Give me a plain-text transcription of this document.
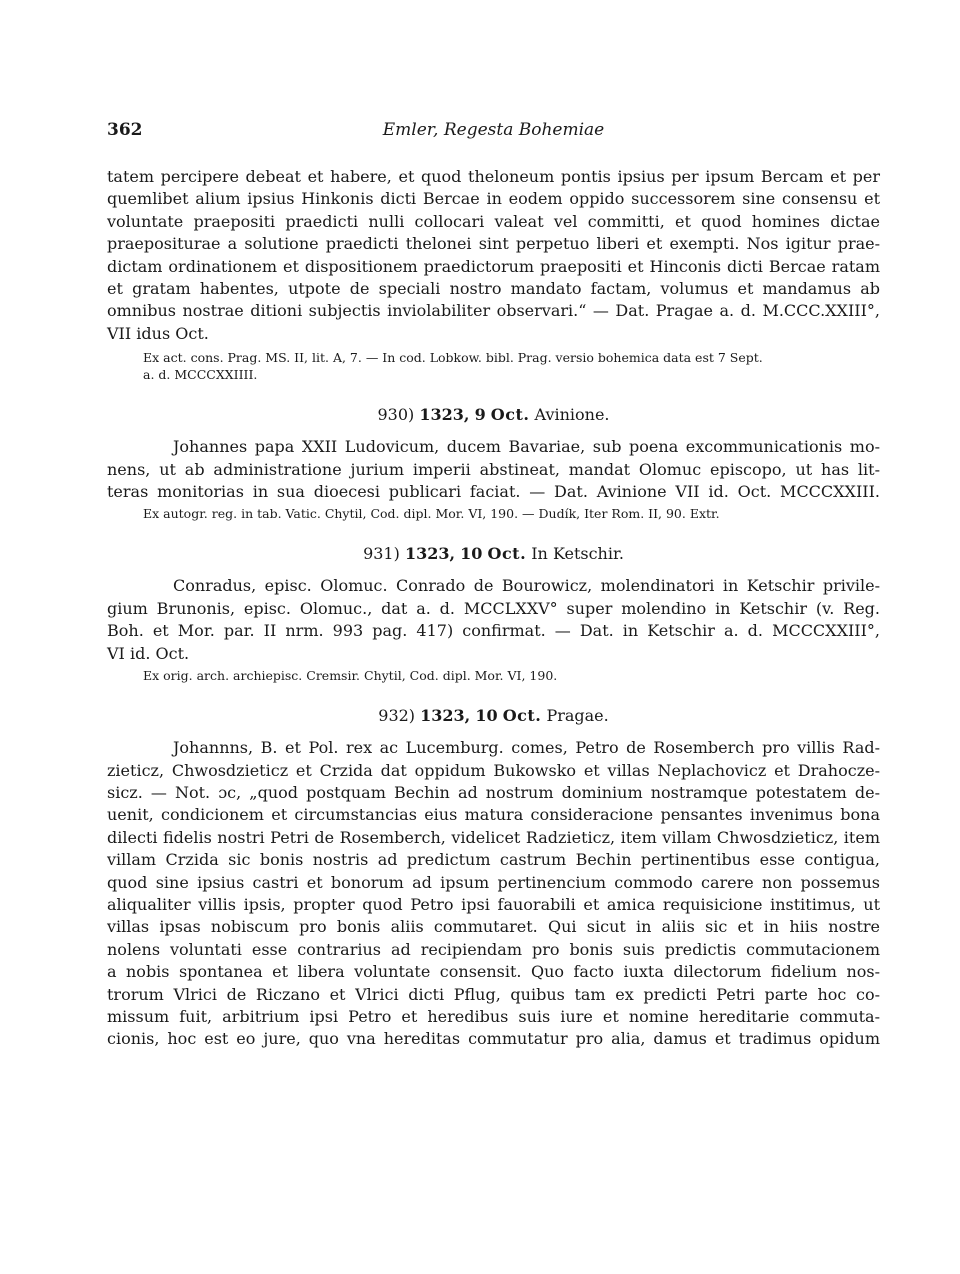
362	Emler, Regesta Bohemiae
tatem percipere debeat et habere, et quod theloneum pontis ipsius per ipsum Bercam et per
quemlibet alium ipsius Hinkonis dicti Bercae in eodem oppido successorem sine consensu et
voluntate praepositi praedicti nulli collocari valeat vel committi, et quod homines dictae
praepositurae a solutione praedicti thelonei sint perpetuo liberi et exempti. Nos igitur prae-
dictam ordinationem et dispositionem praedictorum praepositi et Hinconis dicti Bercae ratam
et gratam habentes, utpote de speciali nostro mandato factam, volumus et mandamus ab
omnibus nostrae ditioni subjectis inviolabiliter observari.“ — Dat. Pragae a. d. M.CCC.XXIII°,
VII idus Oct.
Ex act. cons. Prag. MS. II, lit. A, 7. — In cod. Lobkow. bibl. Prag. versio bohemica data est 7 Sept.
a. d. MCCCXXIIII.
930) 1323, 9 Oct. Avinione.
Johannes papa XXII Ludovicum, ducem Bavariae, sub poena excommunicationis mo-
nens, ut ab administratione jurium imperii abstineat, mandat Olomuc episcopo, ut has lit-
teras monitorias in sua dioecesi publicari faciat. — Dat. Avinione VII id. Oct. MCCCXXIII.
Ex autogr. reg. in tab. Vatic. Chytil, Cod. dipl. Mor. VI, 190. — Dudík, Iter Rom. II, 90. Extr.
931) 1323, 10 Oct. In Ketschir.
Conradus, episc. Olomuc. Conrado de Bourowicz, molendinatori in Ketschir privile-
gium Brunonis, episc. Olomuc., dat a. d. MCCLXXV° super molendino in Ketschir (v. Reg.
Boh. et Mor. par. II nrm. 993 pag. 417) confirmat. — Dat. in Ketschir a. d. MCCCXXIII°,
VI id. Oct.
Ex orig. arch. archiepisc. Cremsir. Chytil, Cod. dipl. Mor. VI, 190.
932) 1323, 10 Oct. Pragae.
Johannns, B. et Pol. rex ac Lucemburg. comes, Petro de Rosemberch pro villis Rad-
zieticz, Chwosdzieticz et Crzida dat oppidum Bukowsko et villas Neplachovicz et Drahocze-
sicz. — Not. ɔc, „quod postquam Bechin ad nostrum dominium nostramque potestatem de-
uenit, condicionem et circumstancias eius matura consideracione pensantes invenimus bona
dilecti fidelis nostri Petri de Rosemberch, videlicet Radzieticz, item villam Chwosdzieticz, item
villam Crzida sic bonis nostris ad predictum castrum Bechin pertinentibus esse contigua,
quod sine ipsius castri et bonorum ad ipsum pertinencium commodo carere non possemus
aliqualiter villis ipsis, propter quod Petro ipsi fauorabili et amica requisicione institimus, ut
villas ipsas nobiscum pro bonis aliis commutaret. Qui sicut in aliis sic et in hiis nostre
nolens voluntati esse contrarius ad recipiendam pro bonis suis predictis commutacionem
a nobis spontanea et libera voluntate consensit. Quo facto iuxta dilectorum fidelium nos-
trorum Vlrici de Riczano et Vlrici dicti Pflug, quibus tam ex predicti Petri parte hoc co-
missum fuit, arbitrium ipsi Petro et heredibus suis iure et nomine hereditarie commuta-
cionis, hoc est eo jure, quo vna hereditas commutatur pro alia, damus et tradimus opidum
